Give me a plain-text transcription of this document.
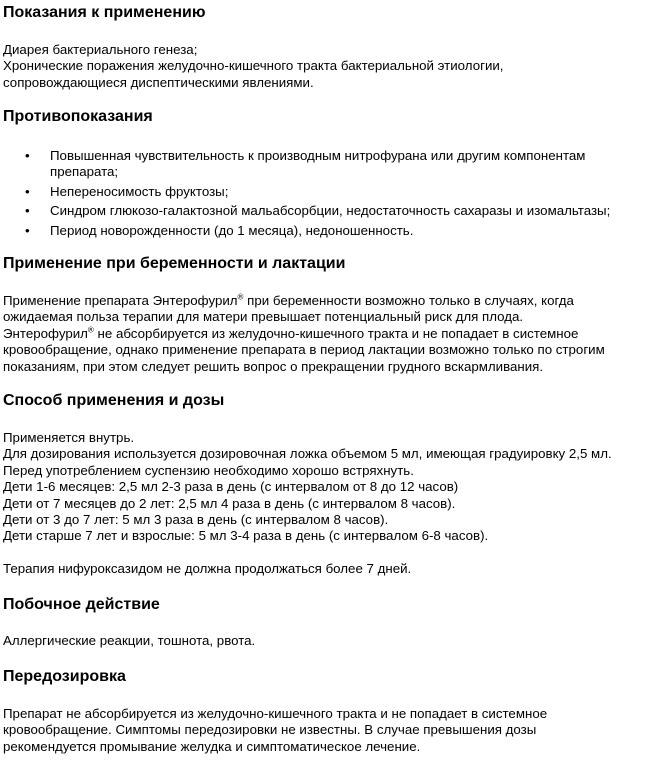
Показания к применению

Диарея бактериального генеза;

Хронические поражения желудочно-кишечного тракта бактериальной этиологии,

сопровождающиеся диспептическими явлениями.

Противопоказания
• Повышенная чувствительность к производным нитрофурана или другим компонентам
препарата;
• Непереносимость фруктозы;
• Синдром глюкозо-галактозной мальабсорбции, недостаточность сахаразы и изомальтазы;
• Период новорожденности (до 1 месяца), недоношенность.
Применение при беременности и лактации

Применение препарата Энтерофурил® при беременности возможно только в случаях, когда

ожидаемая польза терапии для матери превышает потенциальный риск для плода.

Энтерофурил® не абсорбируется из желудочно-кишечного тракта и не попадает в системное

кровообращение, однако применение препарата в период лактации возможно только по строгим

показаниям, при этом следует решить вопрос о прекращении грудного вскармливания.

Способ применения и дозы

Применяется внутрь.

Для дозирования используется дозировочная ложка объемом 5 мл, имеющая градуировку 2,5 мл.

Перед употреблением суспензию необходимо хорошо встряхнуть.

Дети 1-6 месяцев: 2,5 мл 2-3 раза в день (с интервалом от 8 до 12 часов)

Дети от 7 месяцев до 2 лет: 2,5 мл 4 раза в день (с интервалом 8 часов).

Дети от 3 до 7 лет: 5 мл 3 раза в день (с интервалом 8 часов).

Дети старше 7 лет и взрослые: 5 мл 3-4 раза в день (с интервалом 6-8 часов).

Терапия нифуроксазидом не должна продолжаться более 7 дней.

Побочное действие

Аллергические реакции, тошнота, рвота.

Передозировка

Препарат не абсорбируется из желудочно-кишечного тракта и не попадает в системное

кровообращение. Симптомы передозировки не известны. В случае превышения дозы

рекомендуется промывание желудка и симптоматическое лечение.
